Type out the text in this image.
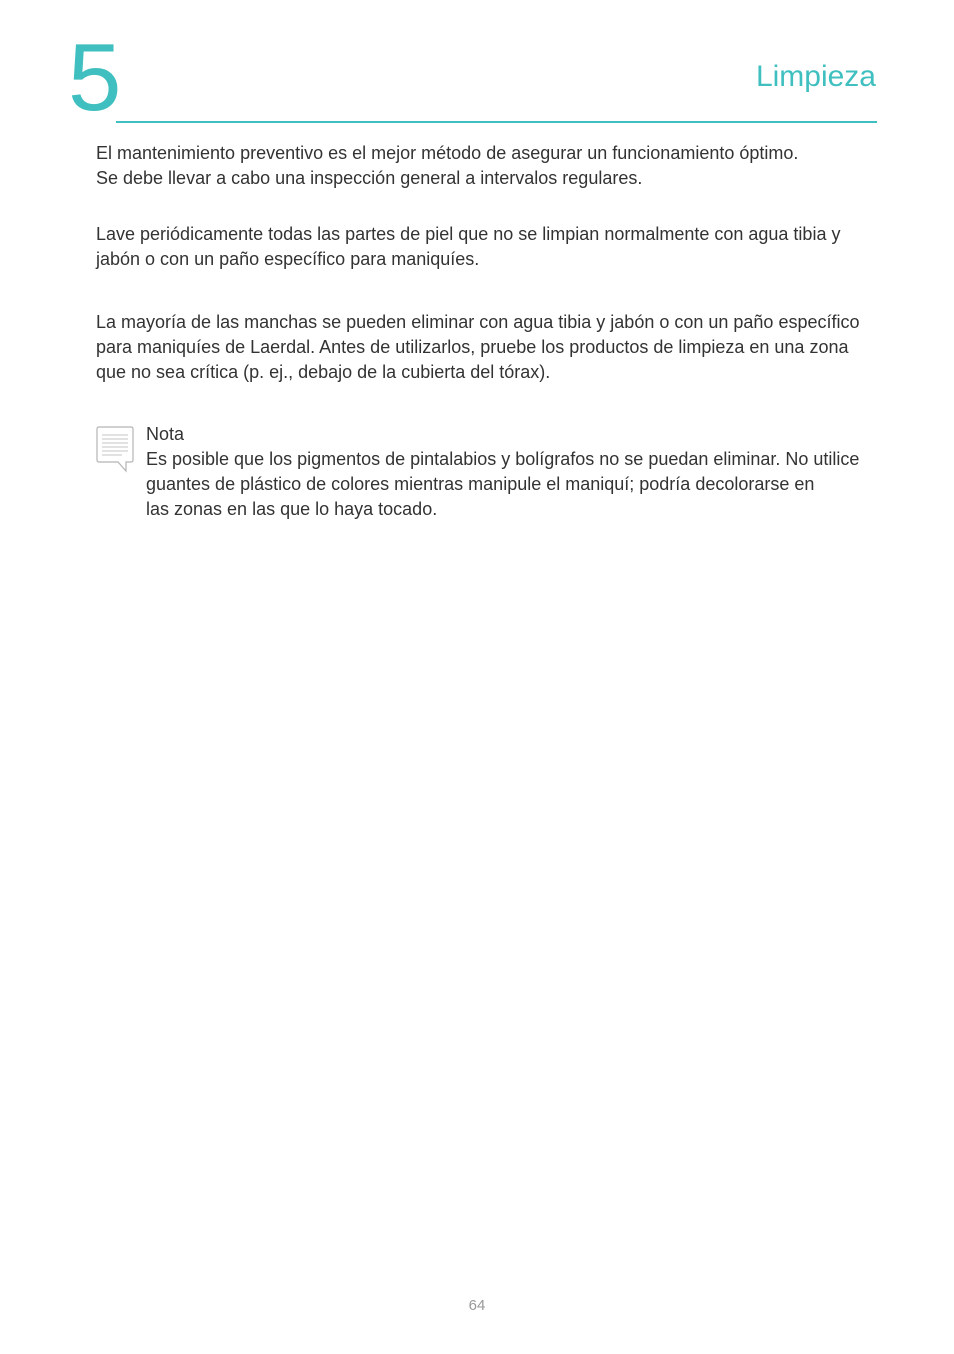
5	Limpieza

El mantenimiento preventivo es el mejor método de asegurar un funcionamiento óptimo.
Se debe llevar a cabo una inspección general a intervalos regulares.

Lave periódicamente todas las partes de piel que no se limpian normalmente con agua tibia y
jabón o con un paño específico para maniquíes.

La mayoría de las manchas se pueden eliminar con agua tibia y jabón o con un paño específico
para maniquíes de Laerdal. Antes de utilizarlos, pruebe los productos de limpieza en una zona
que no sea crítica (p. ej., debajo de la cubierta del tórax).

Nota
Es posible que los pigmentos de pintalabios y bolígrafos no se puedan eliminar. No utilice
guantes de plástico de colores mientras manipule el maniquí; podría decolorarse en
las zonas en las que lo haya tocado.
64
